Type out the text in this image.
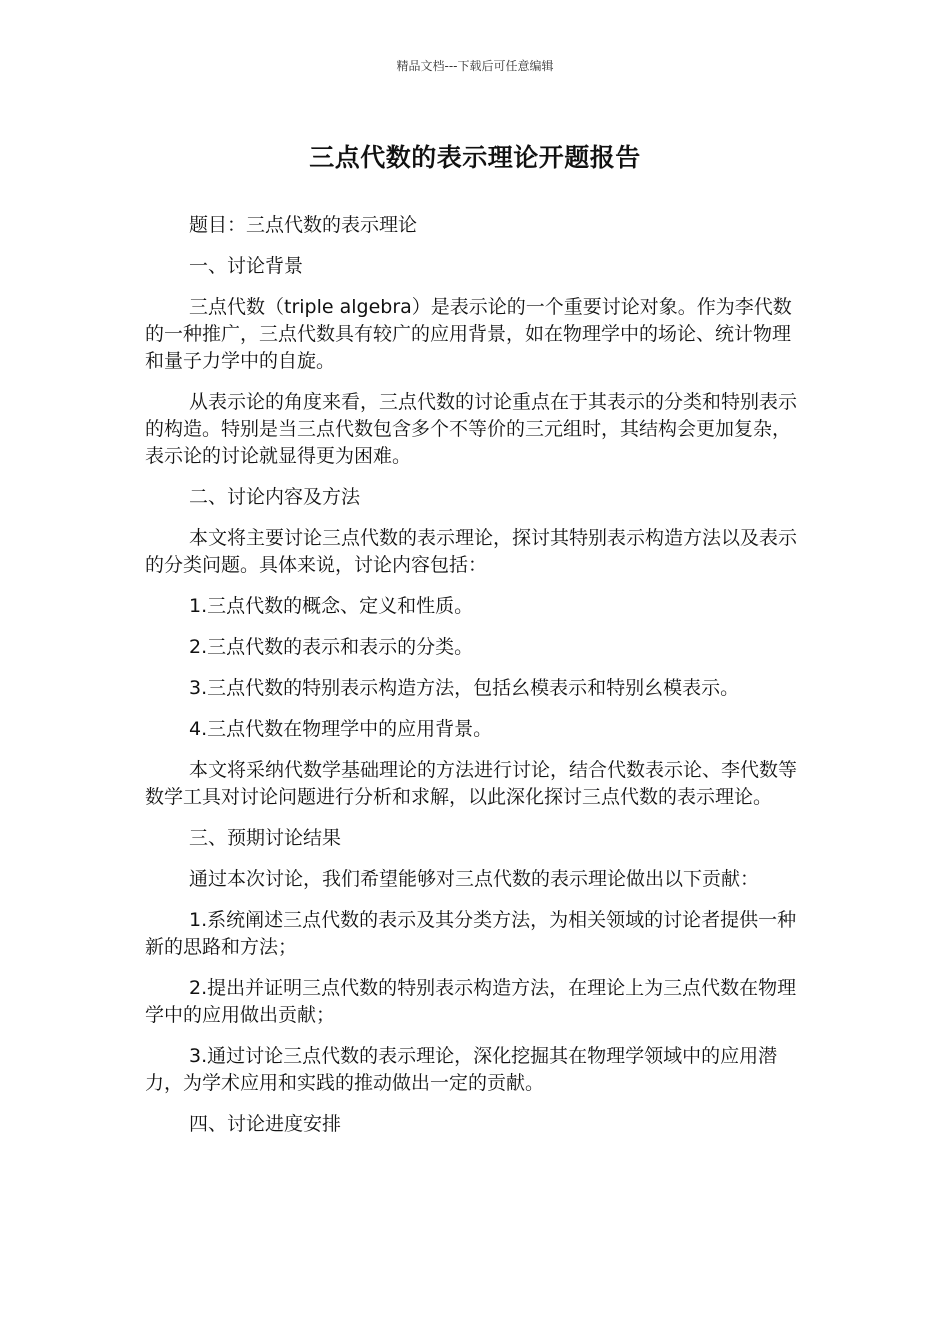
精品文档---下载后可任意编辑
三点代数的表示理论开题报告

题目：三点代数的表示理论

一、讨论背景

三点代数（triple algebra）是表示论的一个重要讨论对象。作为李代数的一种推广，三点代数具有较广的应用背景，如在物理学中的场论、统计物理和量子力学中的自旋。

从表示论的角度来看，三点代数的讨论重点在于其表示的分类和特别表示的构造。特别是当三点代数包含多个不等价的三元组时，其结构会更加复杂，表示论的讨论就显得更为困难。

二、讨论内容及方法

本文将主要讨论三点代数的表示理论，探讨其特别表示构造方法以及表示的分类问题。具体来说，讨论内容包括：

1.三点代数的概念、定义和性质。

2.三点代数的表示和表示的分类。

3.三点代数的特别表示构造方法，包括幺模表示和特别幺模表示。

4.三点代数在物理学中的应用背景。

本文将采纳代数学基础理论的方法进行讨论，结合代数表示论、李代数等数学工具对讨论问题进行分析和求解，以此深化探讨三点代数的表示理论。

三、预期讨论结果

通过本次讨论，我们希望能够对三点代数的表示理论做出以下贡献：

1.系统阐述三点代数的表示及其分类方法，为相关领域的讨论者提供一种新的思路和方法；

2.提出并证明三点代数的特别表示构造方法，在理论上为三点代数在物理学中的应用做出贡献；

3.通过讨论三点代数的表示理论，深化挖掘其在物理学领域中的应用潜力，为学术应用和实践的推动做出一定的贡献。

四、讨论进度安排
